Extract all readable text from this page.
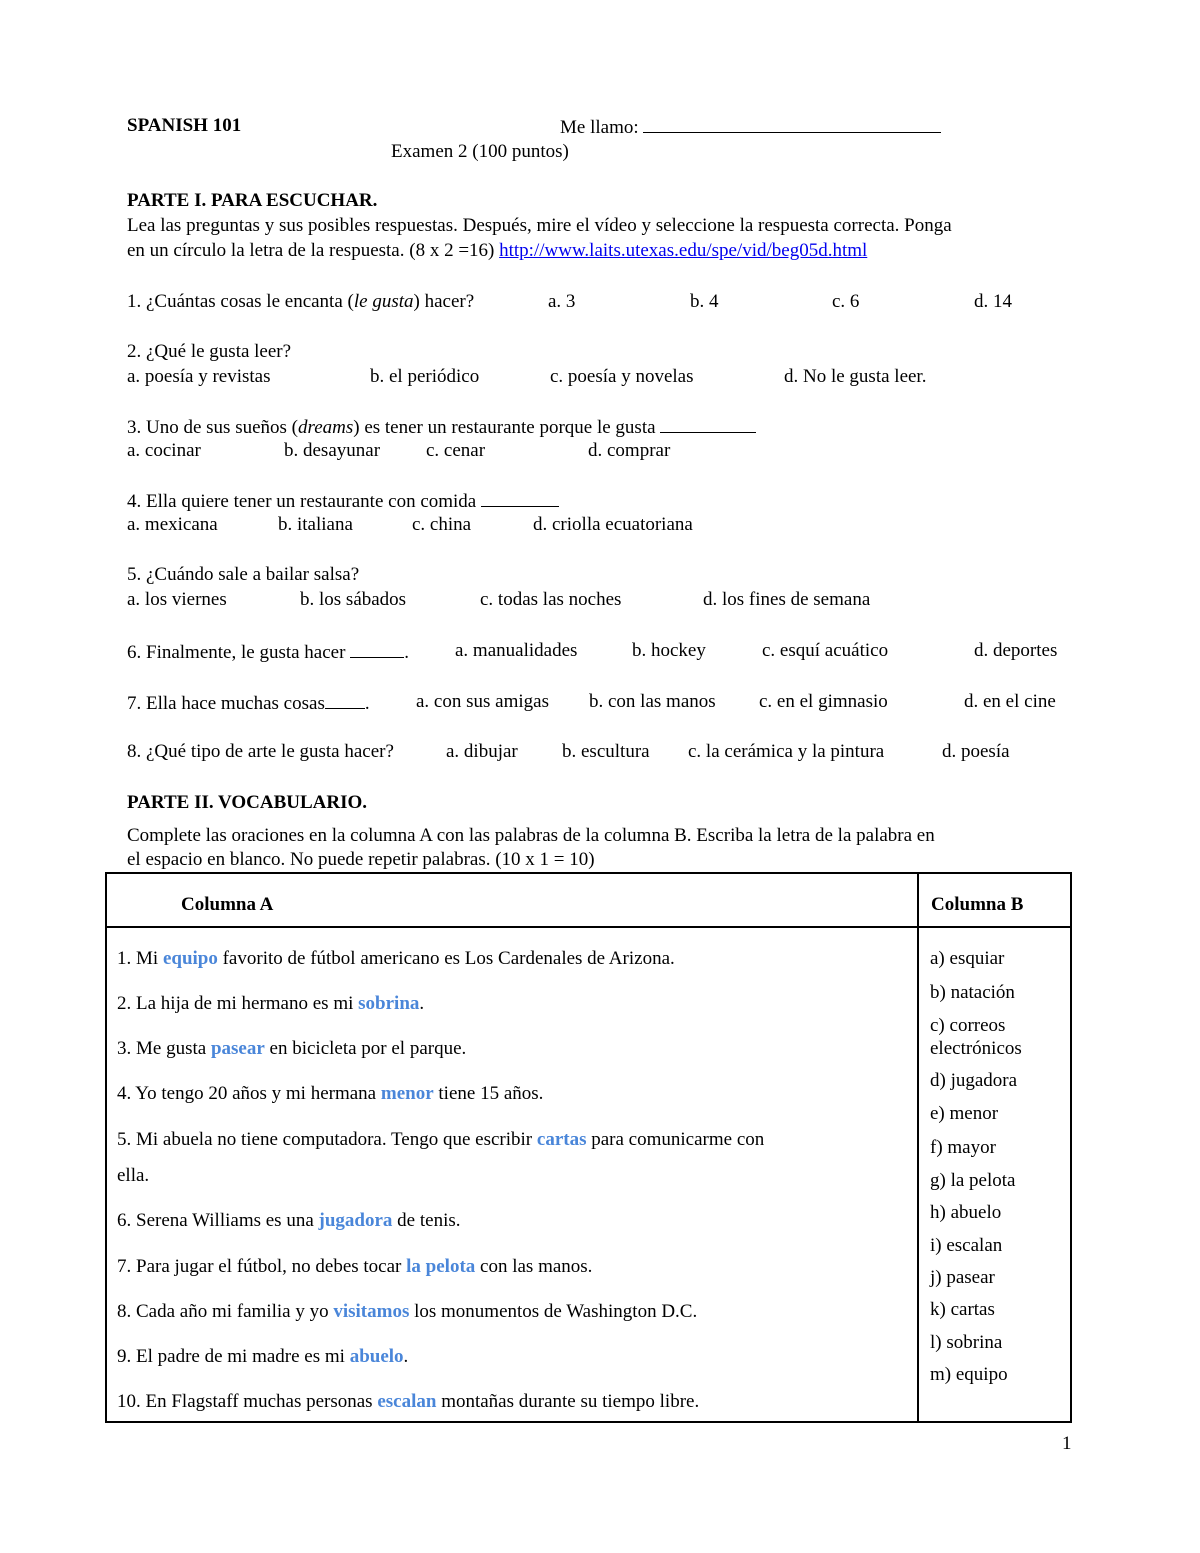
SPANISH 101	Me llamo:
Examen 2 (100 puntos)
PARTE I. PARA ESCUCHAR.
Lea las preguntas y sus posibles respuestas. Después, mire el vídeo y seleccione la respuesta correcta. Ponga
en un círculo la letra de la respuesta. (8 x 2 =16) http://www.laits.utexas.edu/spe/vid/beg05d.html
1. ¿Cuántas cosas le encanta (le gusta) hacer?	a. 3	b. 4	c. 6	d. 14
2. ¿Qué le gusta leer?
a. poesía y revistas	b. el periódico	c. poesía y novelas	d. No le gusta leer.
3. Uno de sus sueños (dreams) es tener un restaurante porque le gusta
a. cocinar	b. desayunar c. cenar	d. comprar
4. Ella quiere tener un restaurante con comida
a. mexicana	b. italiana	c. china	d. criolla ecuatoriana
5. ¿Cuándo sale a bailar salsa?
a. los viernes	b. los sábados	c. todas las noches	d. los fines de semana
6. Finalmente, le gusta hacer	. a. manualidades	b. hockey	c. esquí acuático	d. deportes
7. Ella hace muchas cosas . a. con sus amigas b. con las manos c. en el gimnasio	d. en el cine
8. ¿Qué tipo de arte le gusta hacer?	a. dibujar b. escultura c. la cerámica y la pintura	d. poesía
PARTE II. VOCABULARIO.
Complete las oraciones en la columna A con las palabras de la columna B. Escriba la letra de la palabra en
el espacio en blanco. No puede repetir palabras. (10 x 1 = 10)
Columna A	Columna B
1. Mi equipo favorito de fútbol americano es Los Cardenales de Arizona.
2. La hija de mi hermano es mi sobrina.
3. Me gusta pasear en bicicleta por el parque.
4. Yo tengo 20 años y mi hermana menor tiene 15 años.
5. Mi abuela no tiene computadora. Tengo que escribir cartas para comunicarme con
ella.
6. Serena Williams es una jugadora de tenis.
7. Para jugar el fútbol, no debes tocar la pelota con las manos.
8. Cada año mi familia y yo visitamos los monumentos de Washington D.C.
9. El padre de mi madre es mi abuelo.
10. En Flagstaff muchas personas escalan montañas durante su tiempo libre.
a) esquiar
b) natación
c) correos
electrónicos
d) jugadora
e) menor
f) mayor
g) la pelota
h) abuelo
i) escalan
j) pasear
k) cartas
l) sobrina
m) equipo
1
